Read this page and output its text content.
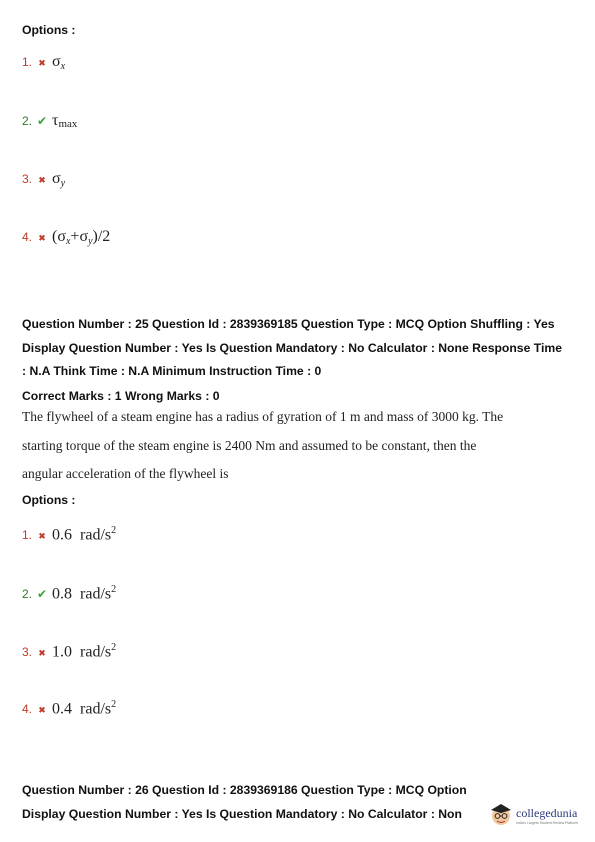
Options :
1. ✖ $\sigma_x$
2. ✔ τmax
3. ✖ $\sigma_y$
4. ✖ $(\sigma_x+\sigma_y)/2$
Question Number : 25 Question Id : 2839369185 Question Type : MCQ Option Shuffling : Yes
Display Question Number : Yes Is Question Mandatory : No Calculator : None Response Time
: N.A Think Time : N.A Minimum Instruction Time : 0
Correct Marks : 1 Wrong Marks : 0
The flywheel of a steam engine has a radius of gyration of 1 m and mass of 3000 kg. The
starting torque of the steam engine is 2400 Nm and assumed to be constant, then the
angular acceleration of the flywheel is
Options :
1. ✖ 0.6 rad/$s^2$
2. ✔ 0.8 rad/$s^2$
3. ✖ 1.0 rad/$s^2$
4. ✖ 0.4 rad/$s^2$
Question Number : 26 Question Id : 2839369186 Question Type : MCQ Option
Display Question Number : Yes Is Question Mandatory : No Calculator : Non	collegedunia
India's Largest Student Review Platform
